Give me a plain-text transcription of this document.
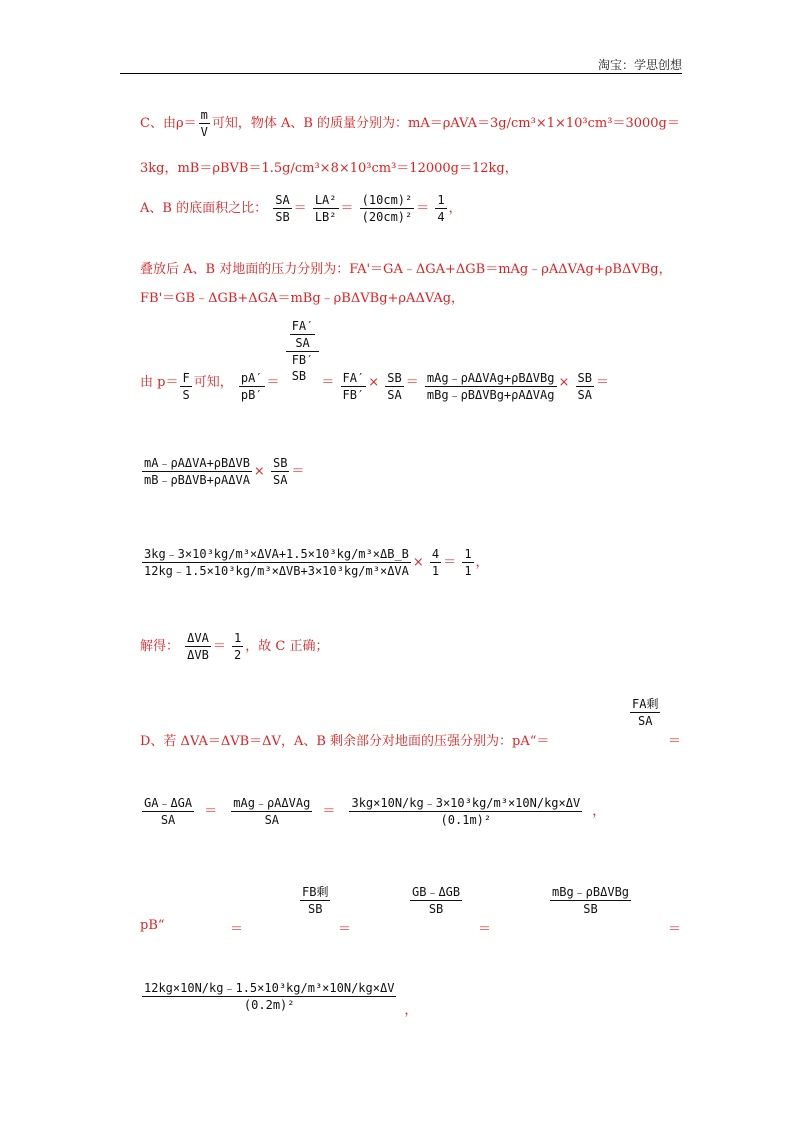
淘宝：学思创想
C、由$\rho= \frac{m}{V}$ 可知，物体 A、B 的质量分别为：mA＝ρAVA＝3g/cm³×1×10³cm³＝3000g＝
3kg，mB＝ρBVB＝1.5g/cm³×8×10³cm³＝12000g＝12kg，
A、B 的底面积之比： $\frac{SA}{SB} = \frac{\text{LA²}}{\text{LB²}} = \frac{\text{(10cm)²}}{\text{(20cm)²}} = \frac{1}{4}$ ，
叠放后 A、B 对地面的压力分别为：FA'＝GA﹣ΔGA+ΔGB＝mAg﹣ρAΔVAg+ρBΔVBg，
FB'＝GB﹣ΔGB+ΔGA＝mBg﹣ρBΔVBg+ρAΔVAg，
由 $p= \frac{F}{S}$ 可知， $\frac{pA'}{pB'}$ ＝
$\frac{FA'}{SA}$
FB′
SB	＝ $\frac{FA'}{FB'} \times \frac{SB}{SA} = \frac{\text{mAg﹣ρAΔVAg+ρBΔVBg}}{\text{mBg﹣ρBΔVBg+ρAΔVAg}} \times \frac{SB}{SA}$ ＝
$\frac{\text{mA﹣ρAΔVA+ρBΔVB}}{\text{mB﹣ρBΔVB+ρAΔVA}} \times \frac{SB}{SA}$ ＝
$\frac{\text{3kg﹣3×10³kg/m³×ΔVA+1.5×10³kg/m³×ΔB\_B}}{\text{12kg﹣1.5×10³kg/m³×ΔVB+3×10³kg/m³×ΔVA}} \times \frac{4}{1} = \frac{1}{1}$ ，
解得： $\frac{\text{ΔVA}}{\text{ΔVB}} = \frac{1}{2}$ ，故 C 正确；
D、若 ΔVA＝ΔVB＝ΔV，A、B 剩余部分对地面的压强分别为：pA“＝
FA剩
SA
＝
$\frac{\text{GA﹣ΔGA}}{SA} = \frac{\text{mAg﹣ρAΔVAg}}{SA} = \frac{\text{3kg×10N/kg﹣3×10³kg/m³×10N/kg×ΔV}}{\text{(0.1m)²}}$ ，
pB“	＝
FB剩
SB
＝
GB﹣ΔGB
SB
＝
mBg﹣ρBΔVBg
SB
＝
$\frac{\text{12kg×10N/kg﹣1.5×10³kg/m³×10N/kg×ΔV}}{\text{(0.2m)²}}$ ，
